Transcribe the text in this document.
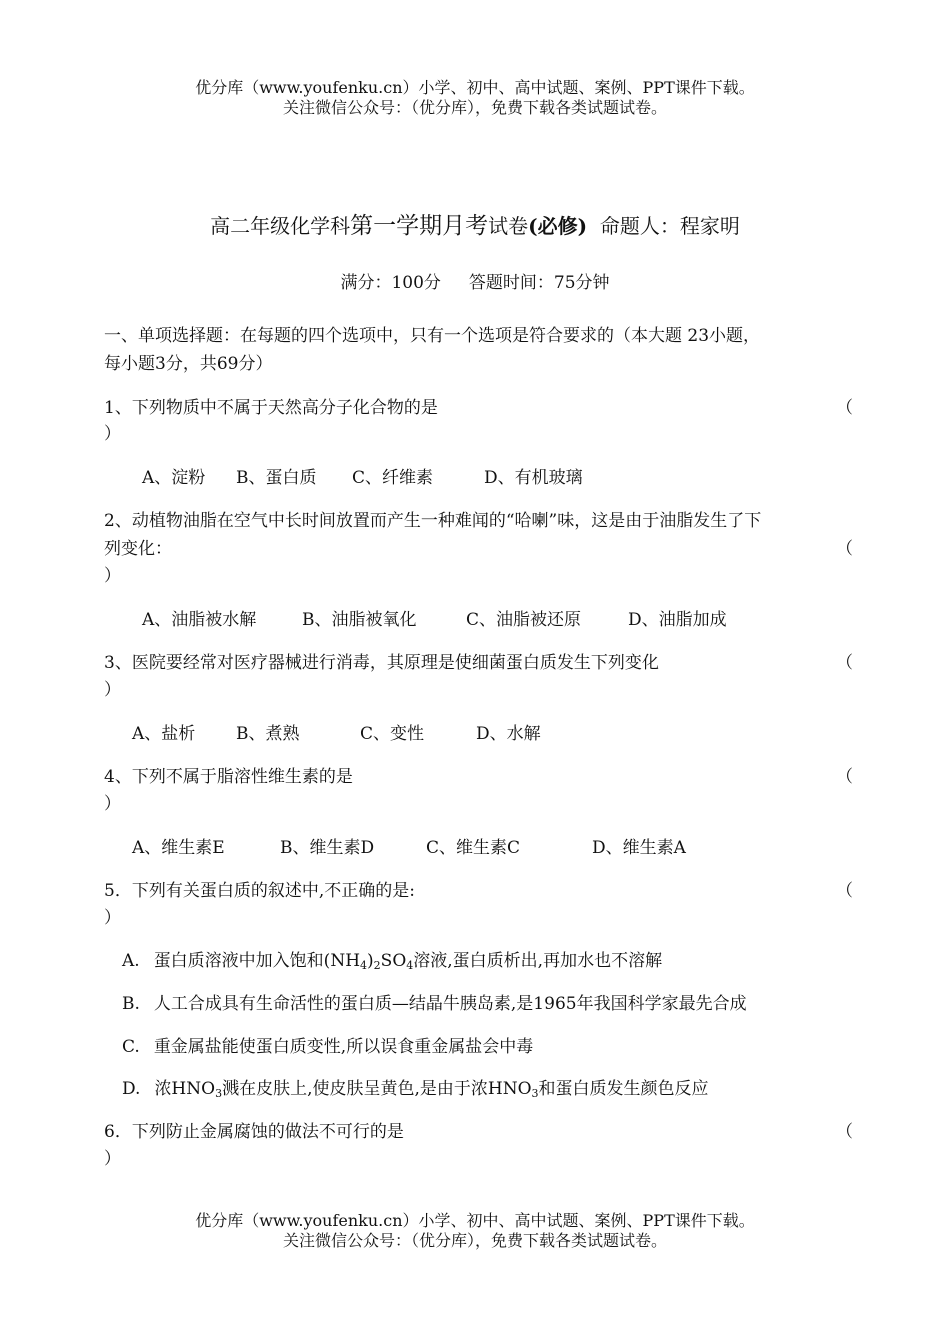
优分库（www.youfenku.cn）小学、初中、高中试题、案例、PPT课件下载。
关注微信公众号：（优分库），免费下载各类试题试卷。
高二年级化学科第一学期月考试卷(必修)  命题人：程家明
满分：100分 答题时间：75分钟
一、单项选择题：在每题的四个选项中，只有一个选项是符合要求的（本大题 23小题，
每小题3分，共69分）
1、下列物质中不属于天然高分子化合物的是	（
）
A、淀粉 B、蛋白质 C、纤维素	D、有机玻璃
2、动植物油脂在空气中长时间放置而产生一种难闻的“哈喇”味，这是由于油脂发生了下
列变化：	（
）
A、油脂被水解	B、油脂被氧化	C、油脂被还原	D、油脂加成
3、医院要经常对医疗器械进行消毒，其原理是使细菌蛋白质发生下列变化	（
）
A、盐析 B、煮熟	C、变性	D、水解
4、下列不属于脂溶性维生素的是	（
）
A、维生素E	B、维生素D	C、维生素C	D、维生素A
5．下列有关蛋白质的叙述中,不正确的是:	（
）
A. 蛋白质溶液中加入饱和$(NH_4)_2SO_4$溶液,蛋白质析出,再加水也不溶解
B. 人工合成具有生命活性的蛋白质—结晶牛胰岛素,是1965年我国科学家最先合成
C. 重金属盐能使蛋白质变性,所以误食重金属盐会中毒
D. 浓$HNO_3$溅在皮肤上,使皮肤呈黄色,是由于浓$HNO_3$和蛋白质发生颜色反应
6．下列防止金属腐蚀的做法不可行的是	（
）
优分库（www.youfenku.cn）小学、初中、高中试题、案例、PPT课件下载。
关注微信公众号：（优分库），免费下载各类试题试卷。
